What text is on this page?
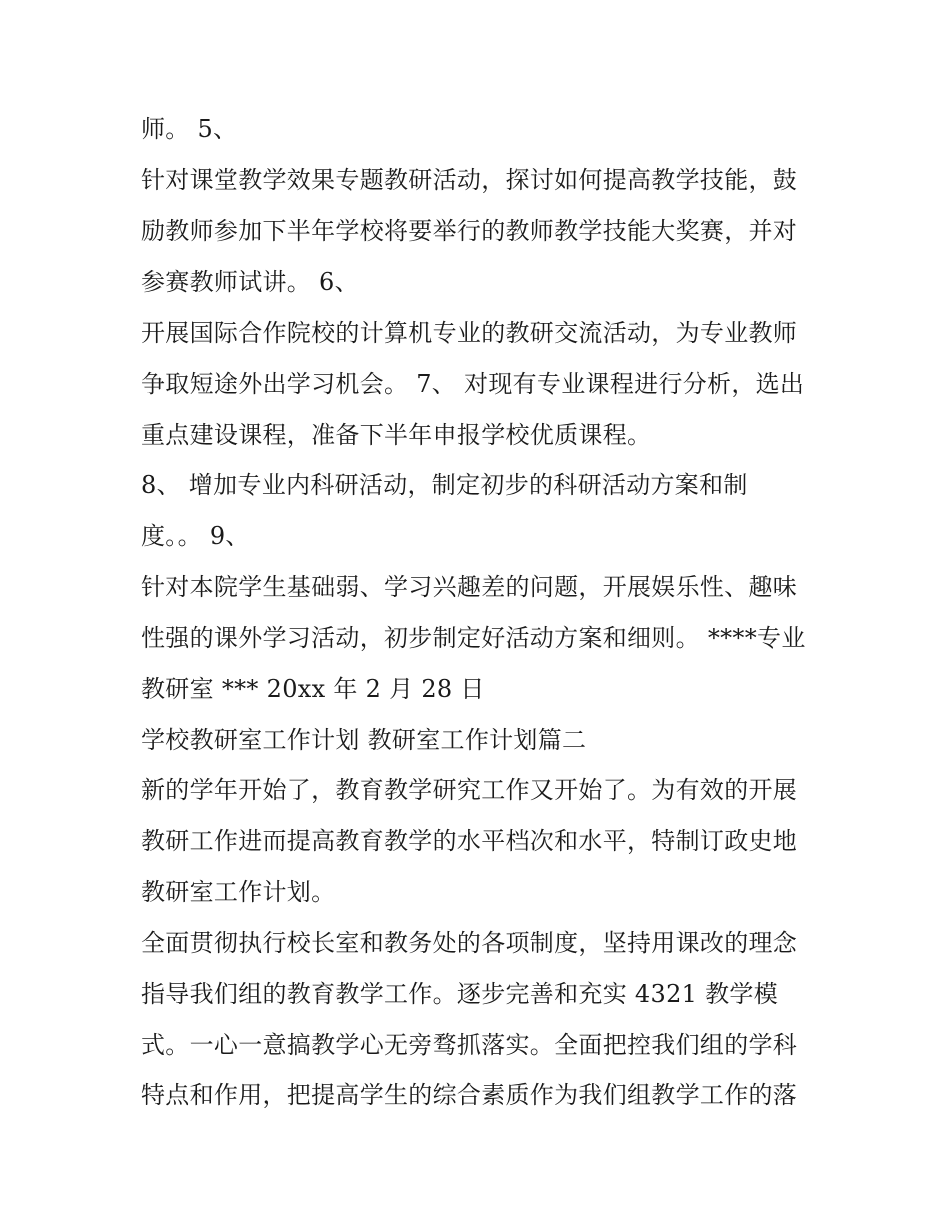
师。 5、
针对课堂教学效果专题教研活动，探讨如何提高教学技能，鼓
励教师参加下半年学校将要举行的教师教学技能大奖赛，并对
参赛教师试讲。 6、
开展国际合作院校的计算机专业的教研交流活动，为专业教师
争取短途外出学习机会。 7、 对现有专业课程进行分析，选出
重点建设课程，准备下半年申报学校优质课程。
8、 增加专业内科研活动，制定初步的科研活动方案和制
度。。 9、
针对本院学生基础弱、学习兴趣差的问题，开展娱乐性、趣味
性强的课外学习活动，初步制定好活动方案和细则。 ****专业
教研室 *** 20xx 年 2 月 28 日
学校教研室工作计划 教研室工作计划篇二
新的学年开始了，教育教学研究工作又开始了。为有效的开展
教研工作进而提高教育教学的水平档次和水平，特制订政史地
教研室工作计划。
全面贯彻执行校长室和教务处的各项制度，坚持用课改的理念
指导我们组的教育教学工作。逐步完善和充实 4321 教学模
式。一心一意搞教学心无旁骛抓落实。全面把控我们组的学科
特点和作用，把提高学生的综合素质作为我们组教学工作的落
